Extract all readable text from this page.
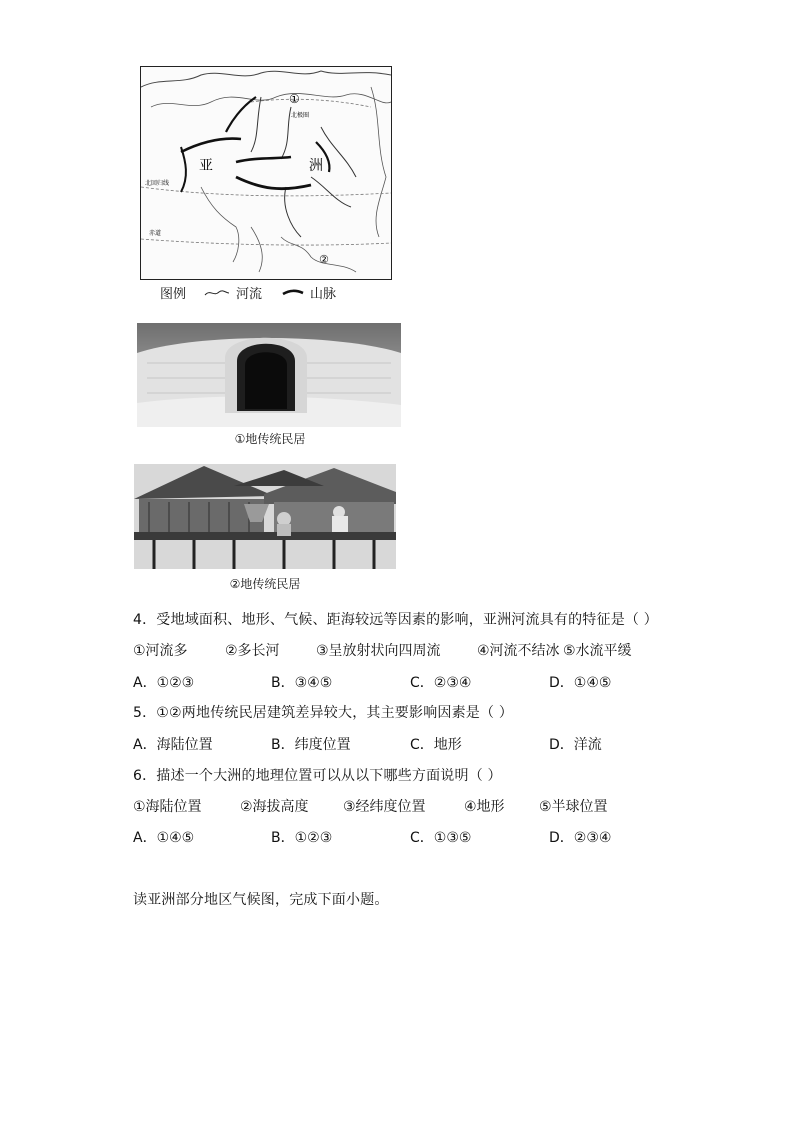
亚	洲
①
②
北极圈
北回归线
赤道
图例	河流	山脉
①地传统民居
②地传统民居
4．受地域面积、地形、气候、距海较远等因素的影响，亚洲河流具有的特征是（ ）
①河流多	②多长河	③呈放射状向四周流	④河流不结冰 ⑤水流平缓
A．①②③	B．③④⑤	C．②③④	D．①④⑤
5．①②两地传统民居建筑差异较大，其主要影响因素是（ ）
A．海陆位置	B．纬度位置	C．地形	D．洋流
6．描述一个大洲的地理位置可以从以下哪些方面说明（ ）
①海陆位置	②海拔高度 ③经纬度位置	④地形 ⑤半球位置
A．①④⑤	B．①②③	C．①③⑤	D．②③④
读亚洲部分地区气候图，完成下面小题。
